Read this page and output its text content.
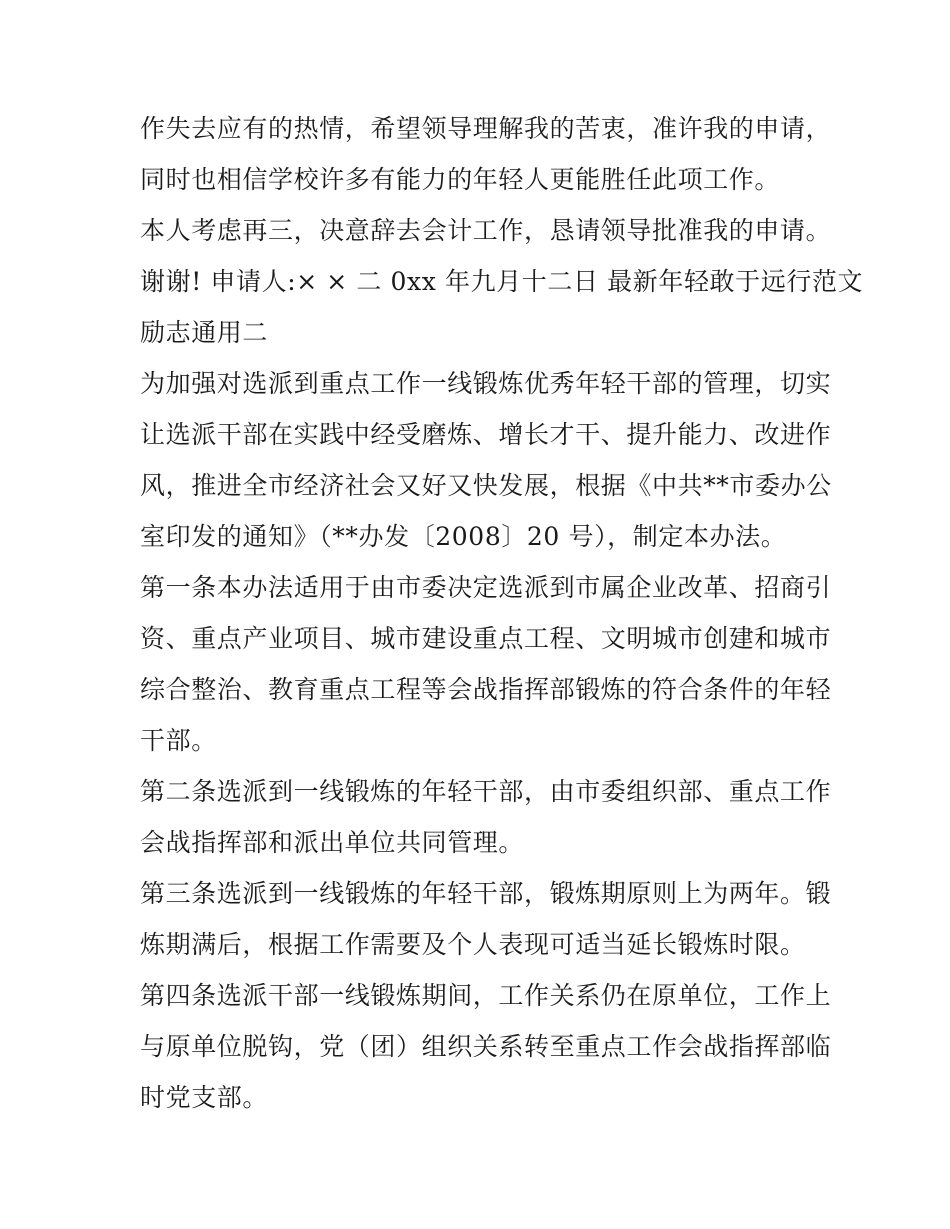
作失去应有的热情，希望领导理解我的苦衷，准许我的申请，
同时也相信学校许多有能力的年轻人更能胜任此项工作。
本人考虑再三，决意辞去会计工作，恳请领导批准我的申请。
谢谢! 申请人:× × 二 0xx 年九月十二日 最新年轻敢于远行范文
励志通用二
为加强对选派到重点工作一线锻炼优秀年轻干部的管理，切实
让选派干部在实践中经受磨炼、增长才干、提升能力、改进作
风，推进全市经济社会又好又快发展，根据《中共**市委办公
室印发的通知》（**办发〔2008〕20 号），制定本办法。
第一条本办法适用于由市委决定选派到市属企业改革、招商引
资、重点产业项目、城市建设重点工程、文明城市创建和城市
综合整治、教育重点工程等会战指挥部锻炼的符合条件的年轻
干部。
第二条选派到一线锻炼的年轻干部，由市委组织部、重点工作
会战指挥部和派出单位共同管理。
第三条选派到一线锻炼的年轻干部，锻炼期原则上为两年。锻
炼期满后，根据工作需要及个人表现可适当延长锻炼时限。
第四条选派干部一线锻炼期间，工作关系仍在原单位，工作上
与原单位脱钩，党（团）组织关系转至重点工作会战指挥部临
时党支部。
